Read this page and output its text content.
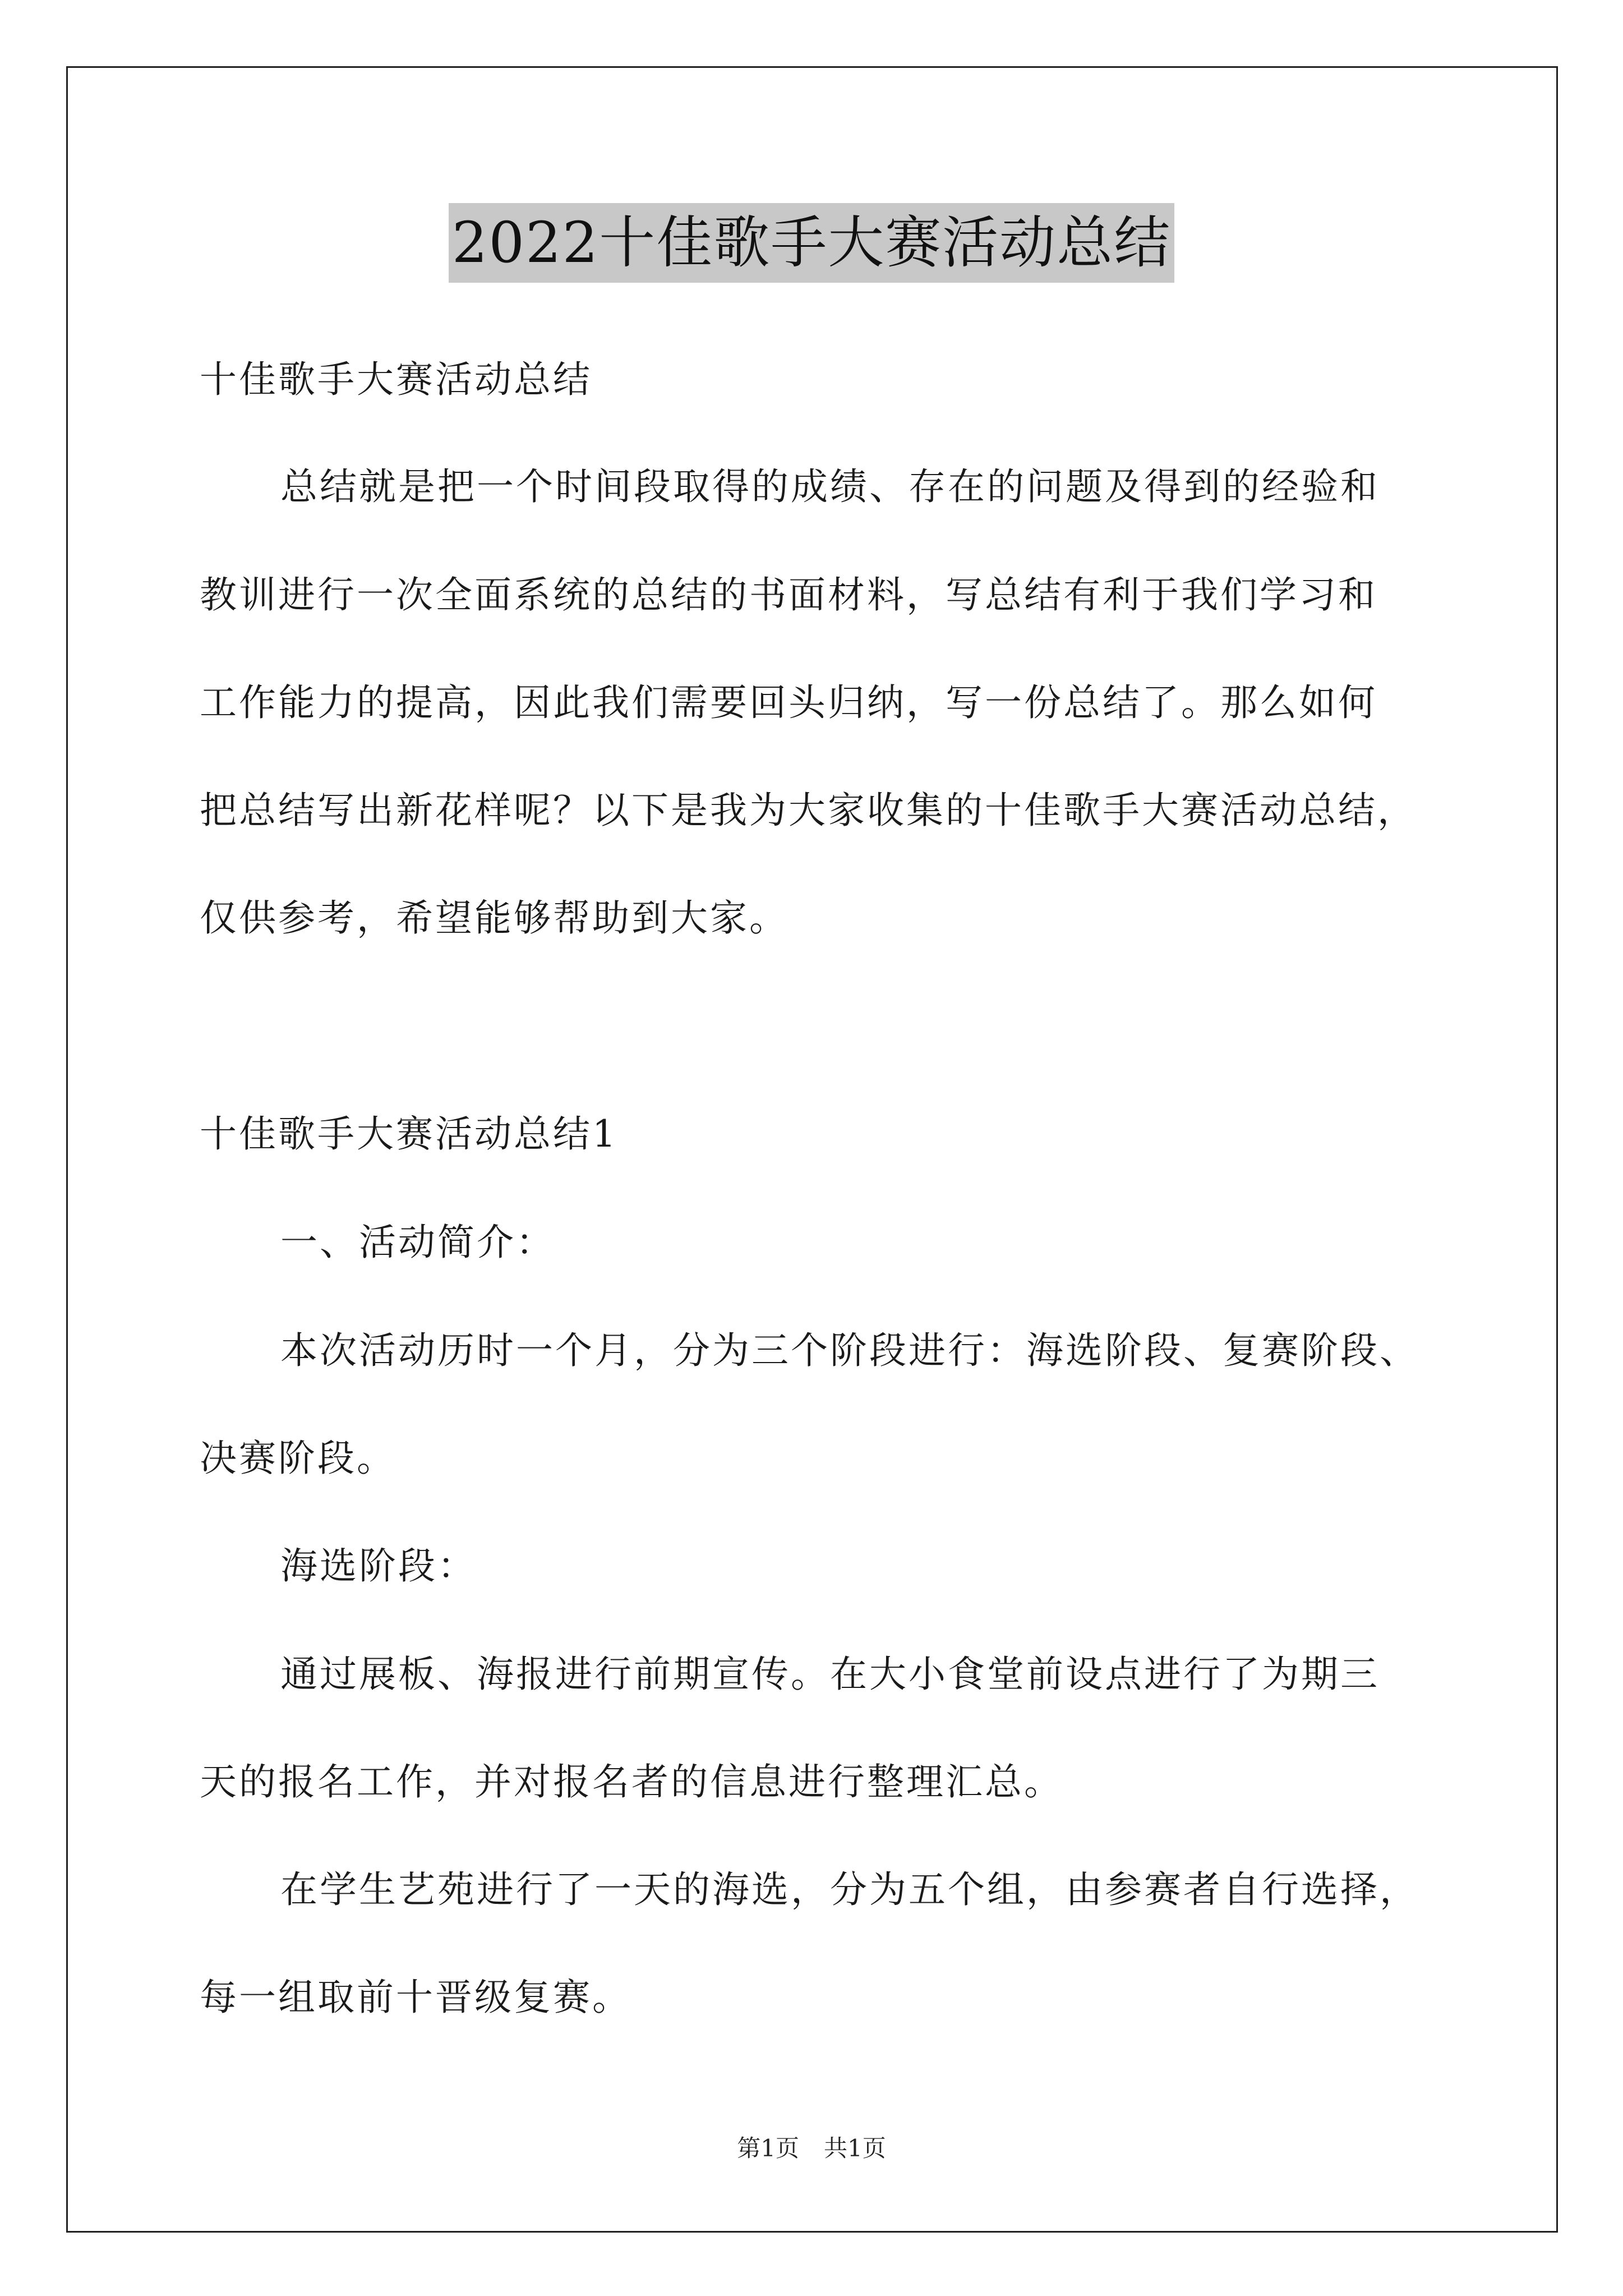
2022十佳歌手大赛活动总结
十佳歌手大赛活动总结
总结就是把一个时间段取得的成绩、存在的问题及得到的经验和
教训进行一次全面系统的总结的书面材料，写总结有利于我们学习和
工作能力的提高，因此我们需要回头归纳，写一份总结了。那么如何
把总结写出新花样呢？以下是我为大家收集的十佳歌手大赛活动总结，
仅供参考，希望能够帮助到大家。
十佳歌手大赛活动总结1
一、活动简介：
本次活动历时一个月，分为三个阶段进行：海选阶段、复赛阶段、
决赛阶段。
海选阶段：
通过展板、海报进行前期宣传。在大小食堂前设点进行了为期三
天的报名工作，并对报名者的信息进行整理汇总。
在学生艺苑进行了一天的海选，分为五个组，由参赛者自行选择，
每一组取前十晋级复赛。
第1页 共1页
